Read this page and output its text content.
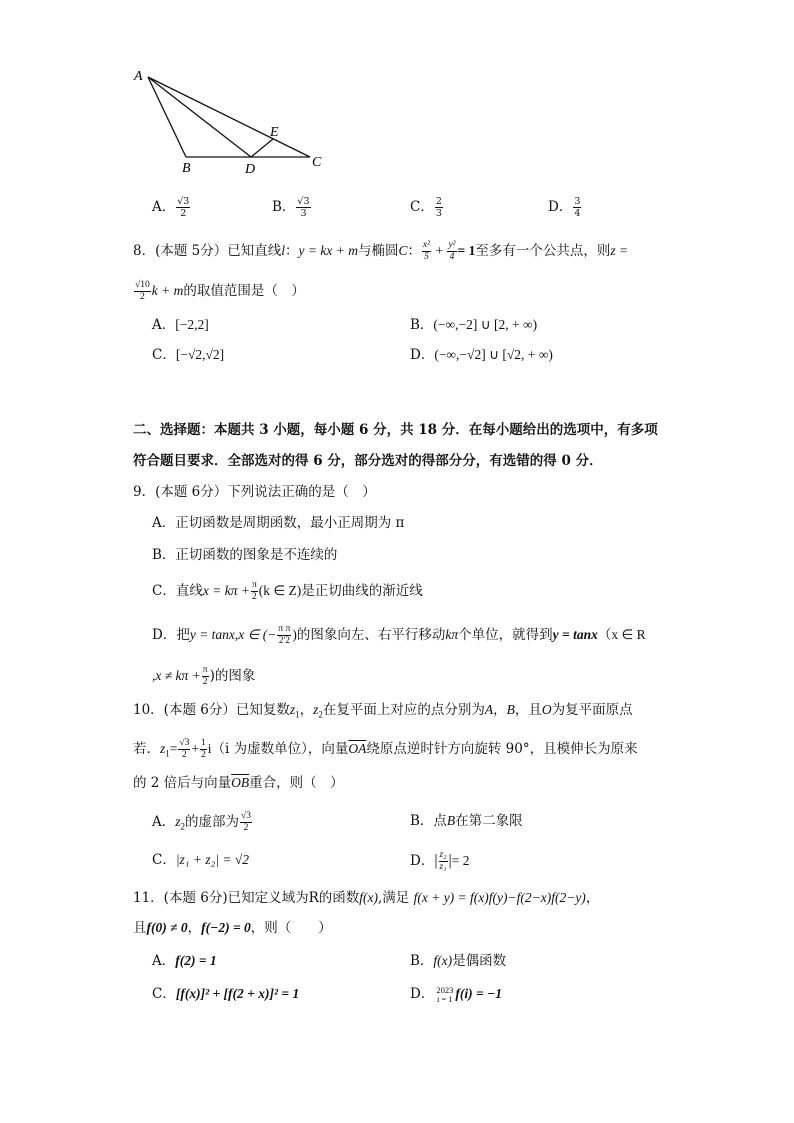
A
B	D	C
E
A． $\frac{√3}{2}$	B． $\frac{√3}{3}$	C． $\frac{2}{3}$	D． $\frac{3}{4}$
8．(本题 5分）已知直线l：y = kx + m与椭圆C： $\frac{\text{x²}}{5} + \frac{\text{y²}}{4} = 1$至多有一个公共点，则z =
$\frac{√10}{2}$ k + m的取值范围是（　）
A．[−2,2]	B．(−∞,−2] ∪ [2, + ∞)
C．[−√2,√2]	D．(−∞,−√2] ∪ [√2, + ∞)
二、选择题：本题共 3 小题，每小题 6 分，共 18 分．在每小题给出的选项中，有多项
符合题目要求．全部选对的得 6 分，部分选对的得部分分，有选错的得 0 分．
9．(本题 6分）下列说法正确的是（　）
A．正切函数是周期函数，最小正周期为 π
B．正切函数的图象是不连续的
C．直线$x = k\pi + \frac{\pi}{2} (k$ ∈ Z)是正切曲线的渐近线
D．把y = tanx,x ∈ (− $\frac{\text{π π}}{2'2}$ )的图象向左、右平行移动kπ个单位，就得到y = tanx（x ∈ R
$,x \ne k\pi + \frac{\pi}{2}$ )的图象
10．(本题 6分）已知复数$z_1$，$z_2$在复平面上对应的点分别为A，B，且O为复平面原点
若．$z_1= \frac{√3}{2} + \frac{1}{2} i(i$ 为虚数单位），向量$\overline{OA}$绕原点逆时针方向旋转 90°，且模伸长为原来
的 2 倍后与向量$\overline{OB}$重合，则（　）
A．$z_2$的虚部为 $\frac{√3}{2}$	B．点B在第二象限
C．|z₁ + z₂| = √2	D．| $\frac{\text{z₂}}{\text{z₁}}$ |= 2
11．(本题 6分)已知定义域为R的函数f(x),满足 f(x + y) = f(x)f(y)−f(2−x)f(2−y)，
且f(0) ≠ 0，f(−2) = 0，则（　　）
A．f(2) = 1	B．f(x)是偶函数
C．[f(x)]² + [f(2 + x)]² = 1	D． 2023
i = 1 f(i) = −1
